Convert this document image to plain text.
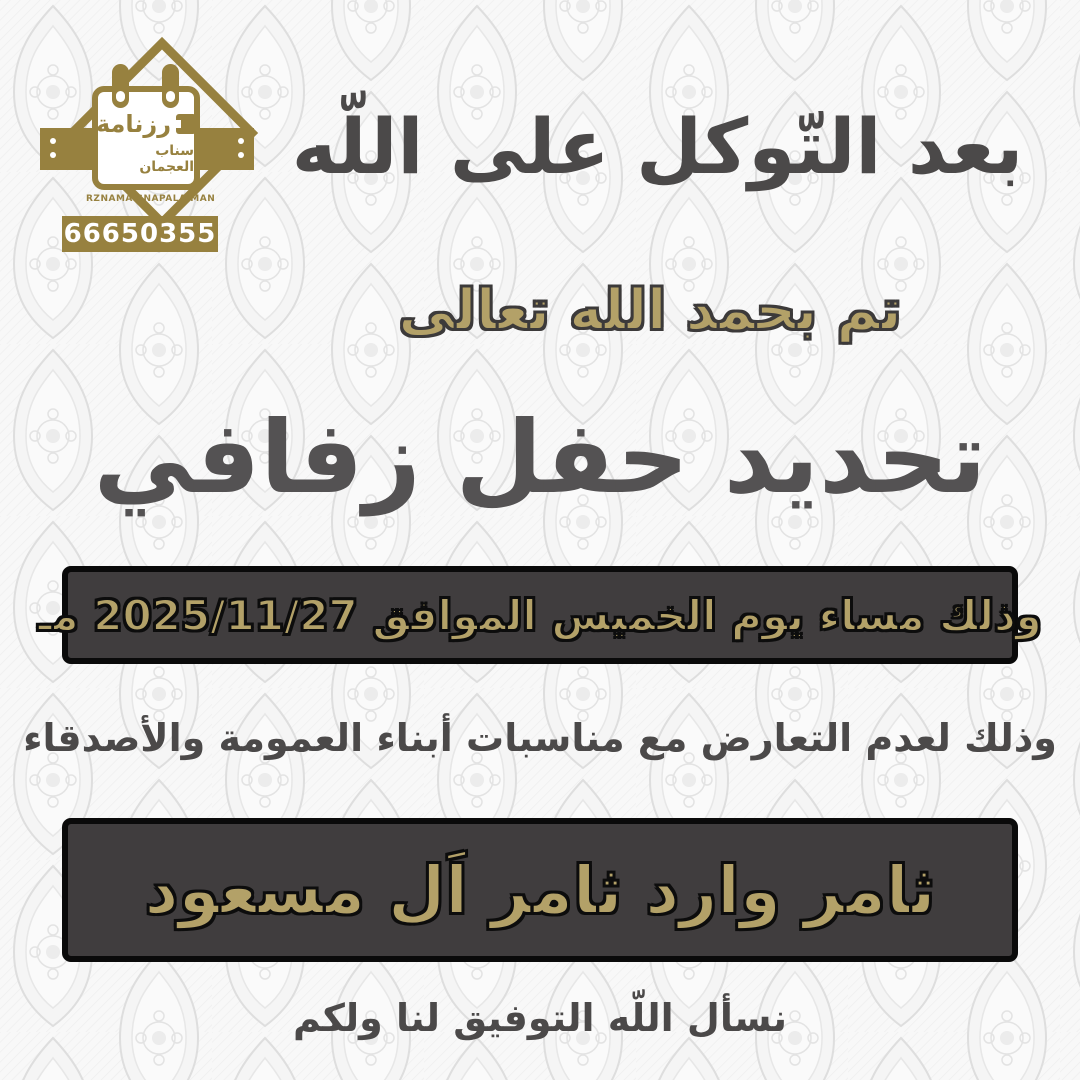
رزنامة
سناب العجمان
RZNAMA SNAPALAJMAN
66650355
بعد التّوكل على اللّه
تم بحمد الله تعالى
تحديد حفل زفافي
وذلك مساء يوم الخميس الموافق 2025/11/27 مـ
وذلك لعدم التعارض مع مناسبات أبناء العمومة والأصدقاء
ثامر وارد ثامر اَل مسعود
نسأل اللّه التوفيق لنا ولكم
